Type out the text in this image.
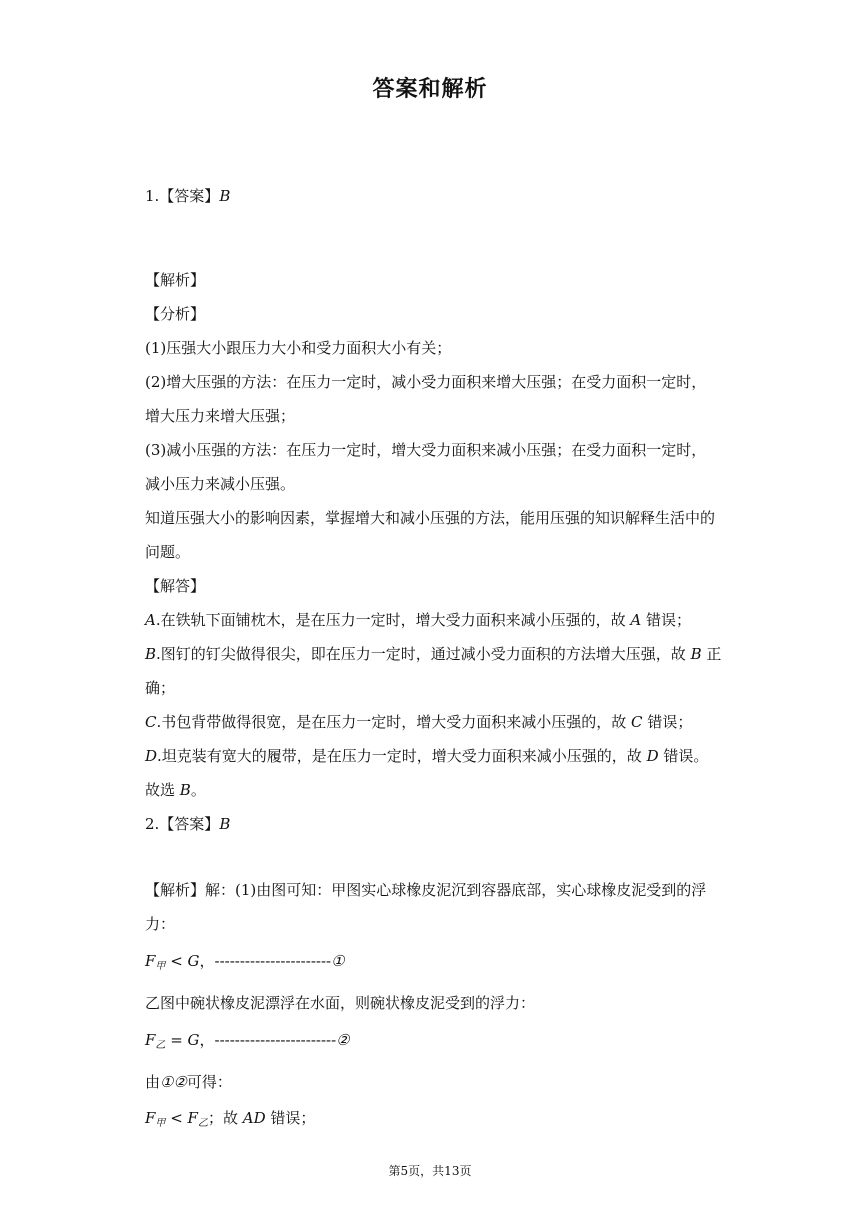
答案和解析
1.【答案】B
【解析】
【分析】
(1)压强大小跟压力大小和受力面积大小有关；
(2)增大压强的方法：在压力一定时，减小受力面积来增大压强；在受力面积一定时，
增大压力来增大压强；
(3)减小压强的方法：在压力一定时，增大受力面积来减小压强；在受力面积一定时，
减小压力来减小压强。
知道压强大小的影响因素，掌握增大和减小压强的方法，能用压强的知识解释生活中的
问题。
【解答】
A.在铁轨下面铺枕木，是在压力一定时，增大受力面积来减小压强的，故 A 错误；
B.图钉的钉尖做得很尖，即在压力一定时，通过减小受力面积的方法增大压强，故 B 正
确；
C.书包背带做得很宽，是在压力一定时，增大受力面积来减小压强的，故 C 错误；
D.坦克装有宽大的履带，是在压力一定时，增大受力面积来减小压强的，故 D 错误。
故选 B。
2.【答案】B
【解析】解：(1)由图可知：甲图实心球橡皮泥沉到容器底部，实心球橡皮泥受到的浮
力：
$F_甲 < G$，-----------------------①
乙图中碗状橡皮泥漂浮在水面，则碗状橡皮泥受到的浮力：
$F_乙 = G$，------------------------②
由①②可得：
$F_甲 < F_乙$；故 AD 错误；
第5页，共13页
